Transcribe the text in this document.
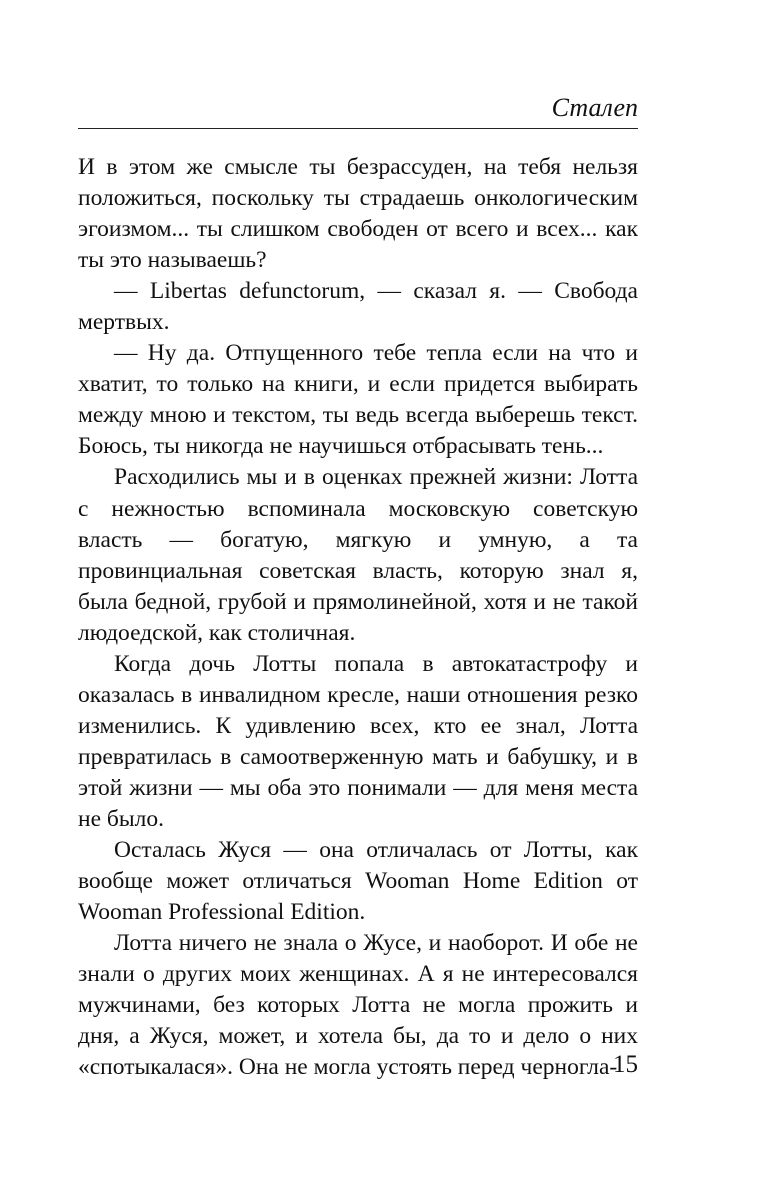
Сталеп

И в этом же смысле ты безрассуден, на тебя нельзя положиться, поскольку ты страдаешь онкологическим эгоизмом... ты слишком свободен от всего и всех... как ты это называешь?

— Libertas defunctorum, — сказал я. — Свобода мертвых.

— Ну да. Отпущенного тебе тепла если на что и хватит, то только на книги, и если придется выбирать между мною и текстом, ты ведь всегда выберешь текст. Боюсь, ты никогда не научишься отбрасывать тень...

Расходились мы и в оценках прежней жизни: Лотта с нежностью вспоминала московскую советскую власть — богатую, мягкую и умную, а та провинциальная советская власть, которую знал я, была бедной, грубой и прямолинейной, хотя и не такой людоедской, как столичная.

Когда дочь Лотты попала в автокатастрофу и оказалась в инвалидном кресле, наши отношения резко изменились. К удивлению всех, кто ее знал, Лотта превратилась в самоотверженную мать и бабушку, и в этой жизни — мы оба это понимали — для меня места не было.

Осталась Жуся — она отличалась от Лотты, как вообще может отличаться Wooman Home Edition от Wooman Professional Edition.

Лотта ничего не знала о Жусе, и наоборот. И обе не знали о других моих женщинах. А я не интересовался мужчинами, без которых Лотта не могла прожить и дня, а Жуся, может, и хотела бы, да то и дело о них «спотыкалася». Она не могла устоять перед черногла-

15
